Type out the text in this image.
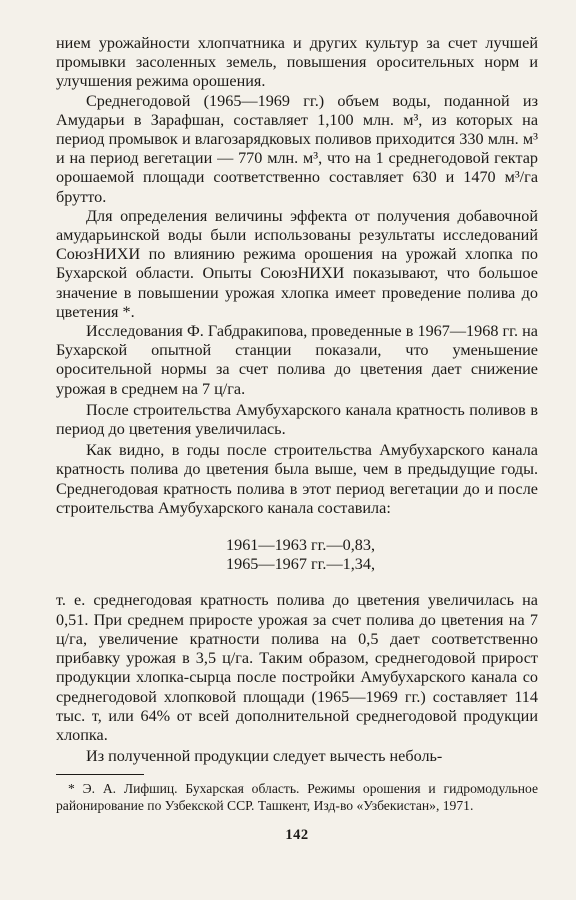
нием урожайности хлопчатника и других культур за счет лучшей промывки засоленных земель, повышения оросительных норм и улучшения режима орошения.

Среднегодовой (1965—1969 гг.) объем воды, поданной из Амударьи в Зарафшан, составляет 1,100 млн. м³, из которых на период промывок и влагозарядковых поливов приходится 330 млн. м³ и на период вегетации — 770 млн. м³, что на 1 среднегодовой гектар орошаемой площади соответственно составляет 630 и 1470 м³/га брутто.

Для определения величины эффекта от получения добавочной амударьинской воды были использованы результаты исследований СоюзНИХИ по влиянию режима орошения на урожай хлопка по Бухарской области. Опыты СоюзНИХИ показывают, что большое значение в повышении урожая хлопка имеет проведение полива до цветения *.

Исследования Ф. Габдракипова, проведенные в 1967—1968 гг. на Бухарской опытной станции показали, что уменьшение оросительной нормы за счет полива до цветения дает снижение урожая в среднем на 7 ц/га.

После строительства Амубухарского канала кратность поливов в период до цветения увеличилась.

Как видно, в годы после строительства Амубухарского канала кратность полива до цветения была выше, чем в предыдущие годы. Среднегодовая кратность полива в этот период вегетации до и после строительства Амубухарского канала составила:

1961—1963 гг.—0,83,
1965—1967 гг.—1,34,

т. е. среднегодовая кратность полива до цветения увеличилась на 0,51. При среднем приросте урожая за счет полива до цветения на 7 ц/га, увеличение кратности полива на 0,5 дает соответственно прибавку урожая в 3,5 ц/га. Таким образом, среднегодовой прирост продукции хлопка-сырца после постройки Амубухарского канала со среднегодовой хлопковой площади (1965—1969 гг.) составляет 114 тыс. т, или 64% от всей дополнительной среднегодовой продукции хлопка.

Из полученной продукции следует вычесть неболь-

* Э. А. Лифшиц. Бухарская область. Режимы орошения и гидромодульное районирование по Узбекской ССР. Ташкент, Изд-во «Узбекистан», 1971.

142
